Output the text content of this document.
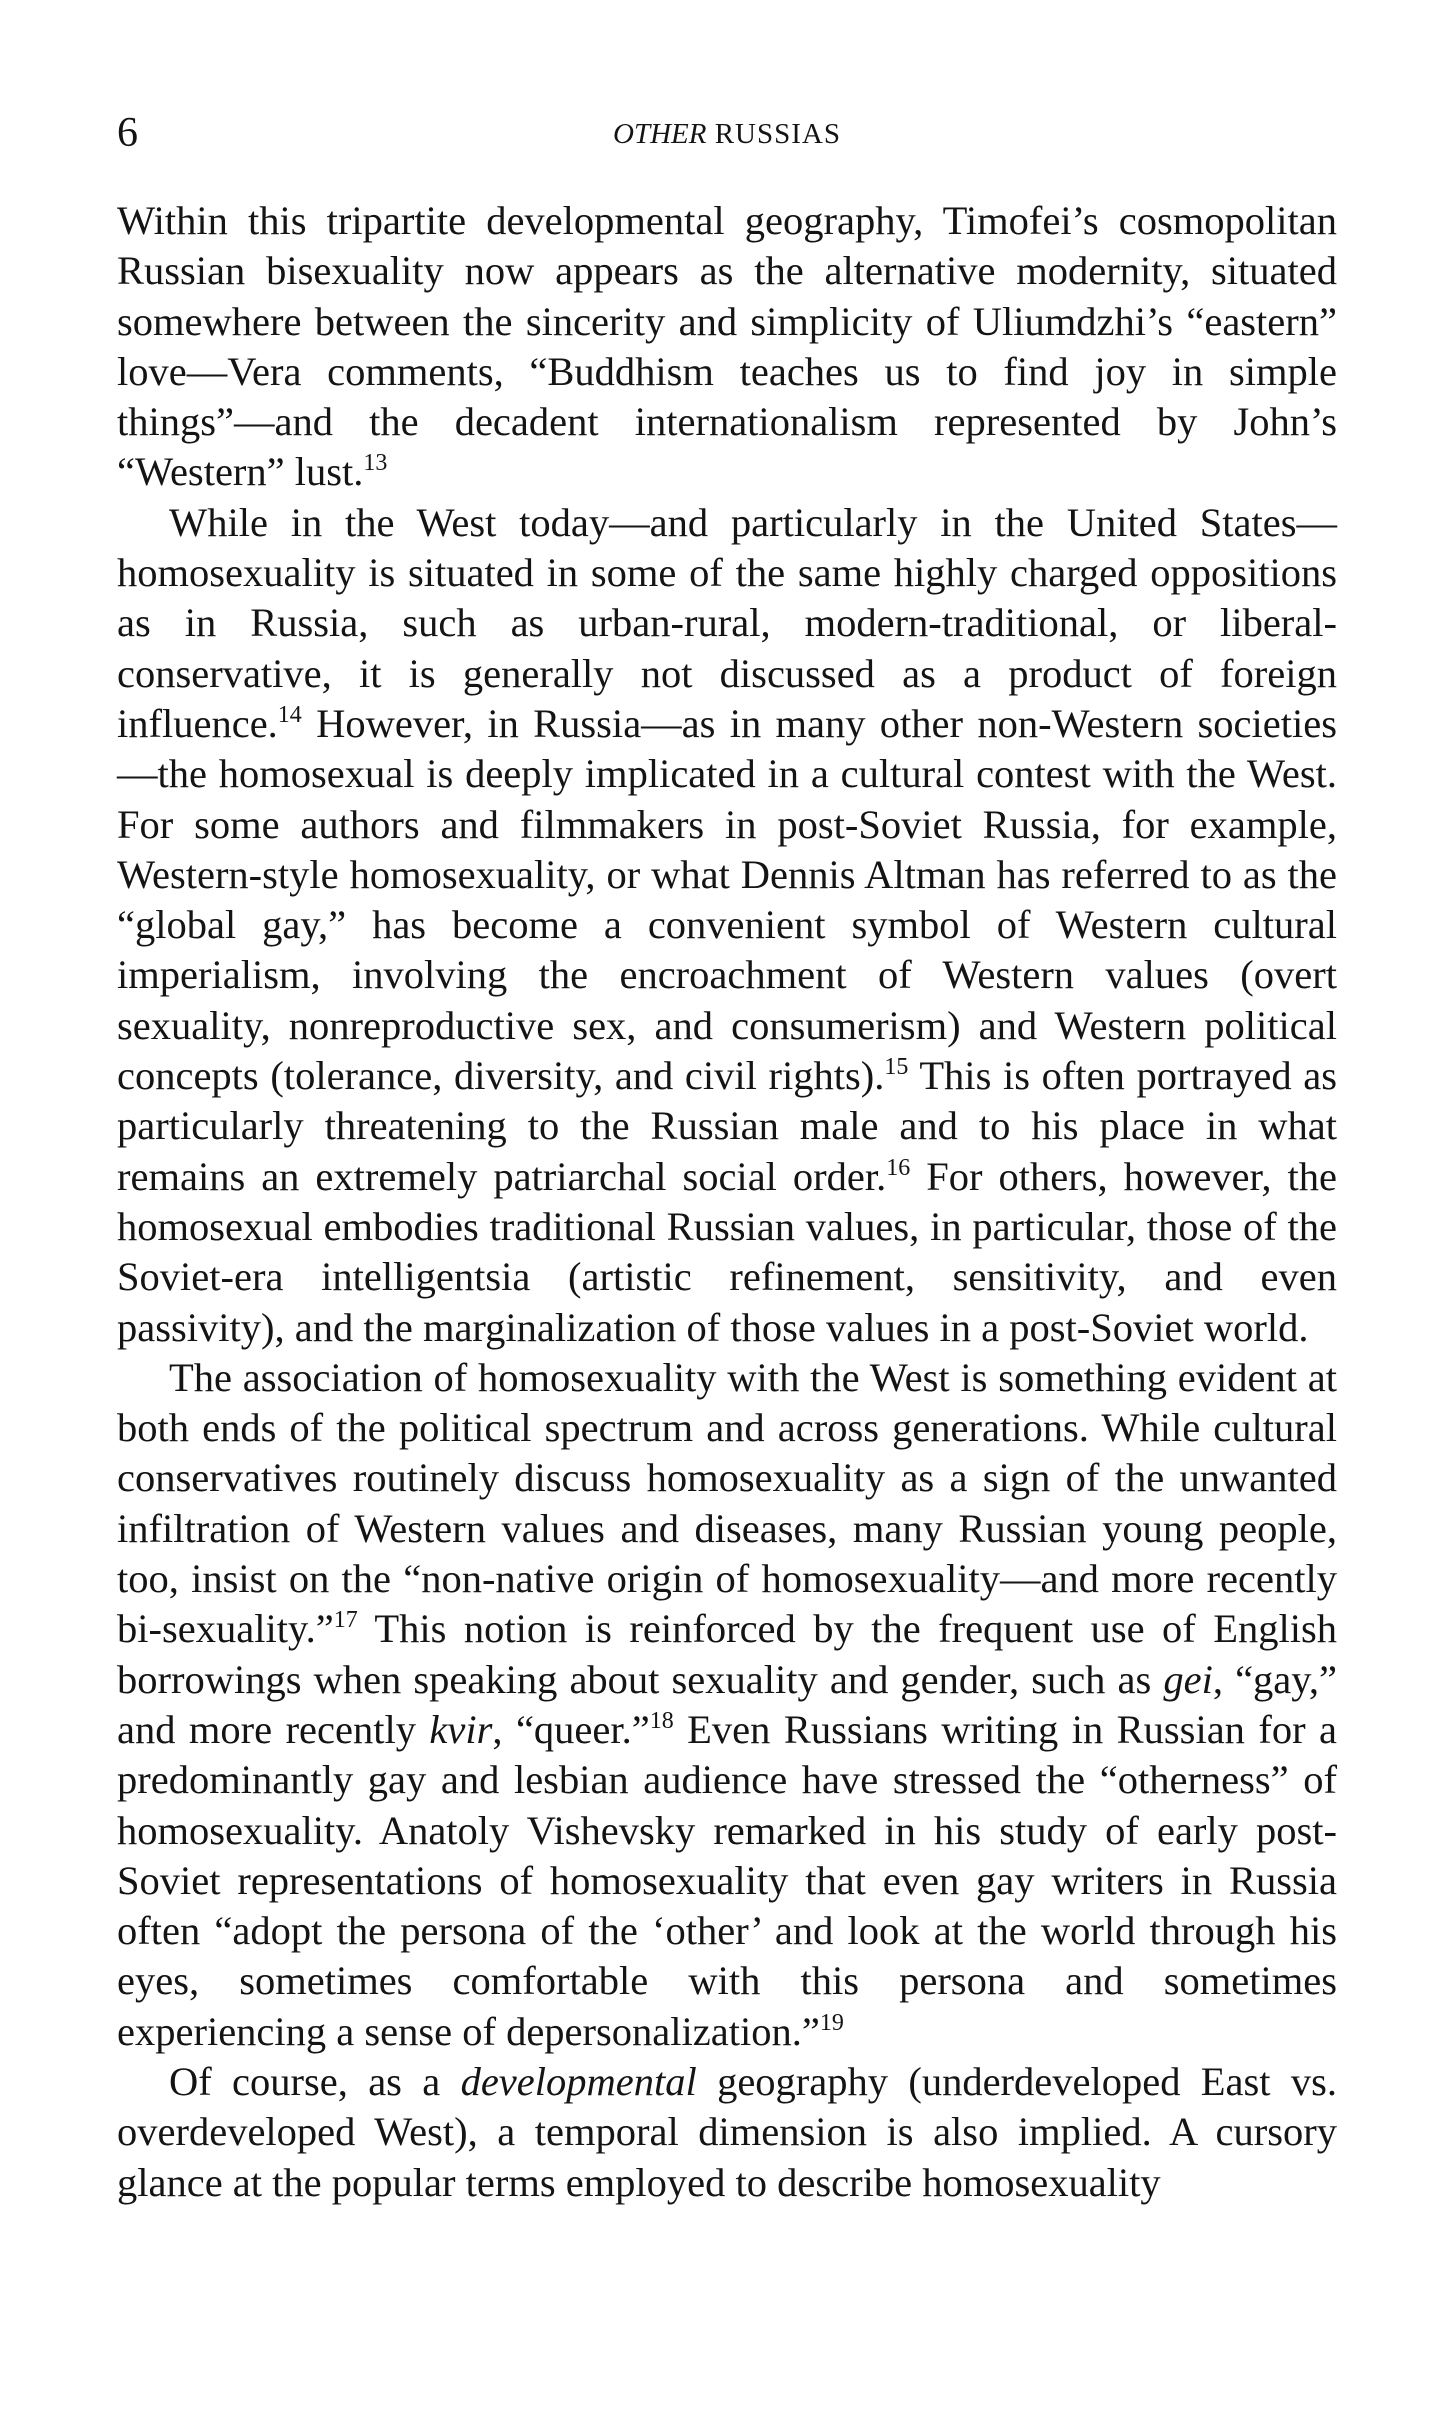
6	OTHER RUSSIAS

Within this tripartite developmental geography, Timofei’s cosmopolitan Russian bisexuality now appears as the alternative modernity, situated somewhere between the sincerity and simplicity of Uliumdzhi’s “eastern” love—Vera comments, “Buddhism teaches us to find joy in simple things”—and the decadent internationalism represented by John’s “Western” lust.$^{13}$

While in the West today—and particularly in the United States—homosexuality is situated in some of the same highly charged oppositions as in Russia, such as urban-rural, modern-traditional, or liberal-conservative, it is generally not discussed as a product of foreign influence.$^{14}$ However, in Russia—as in many other non-Western societies—the homosexual is deeply implicated in a cultural contest with the West. For some authors and filmmakers in post-Soviet Russia, for example, Western-style homosexuality, or what Dennis Altman has referred to as the “global gay,” has become a convenient symbol of Western cultural imperialism, involving the encroachment of Western values (overt sexuality, nonreproductive sex, and consumerism) and Western political concepts (tolerance, diversity, and civil rights).$^{15}$ This is often portrayed as particularly threatening to the Russian male and to his place in what remains an extremely patriarchal social order.$^{16}$ For others, however, the homosexual embodies traditional Russian values, in particular, those of the Soviet-era intelligentsia (artistic refinement, sensitivity, and even passivity), and the marginalization of those values in a post-Soviet world.

The association of homosexuality with the West is something evident at both ends of the political spectrum and across generations. While cultural conservatives routinely discuss homosexuality as a sign of the unwanted infiltration of Western values and diseases, many Russian young people, too, insist on the “non-native origin of homosexuality—and more recently bi-sexuality.”$^{17}$ This notion is reinforced by the frequent use of English borrowings when speaking about sexuality and gender, such as gei, “gay,” and more recently kvir, “queer.”$^{18}$ Even Russians writing in Russian for a predominantly gay and lesbian audience have stressed the “otherness” of homosexuality. Anatoly Vishevsky remarked in his study of early post-Soviet representations of homosexuality that even gay writers in Russia often “adopt the persona of the ‘other’ and look at the world through his eyes, sometimes comfortable with this persona and sometimes experiencing a sense of depersonalization.”$^{19}$

Of course, as a developmental geography (underdeveloped East vs. overdeveloped West), a temporal dimension is also implied. A cursory glance at the popular terms employed to describe homosexuality
